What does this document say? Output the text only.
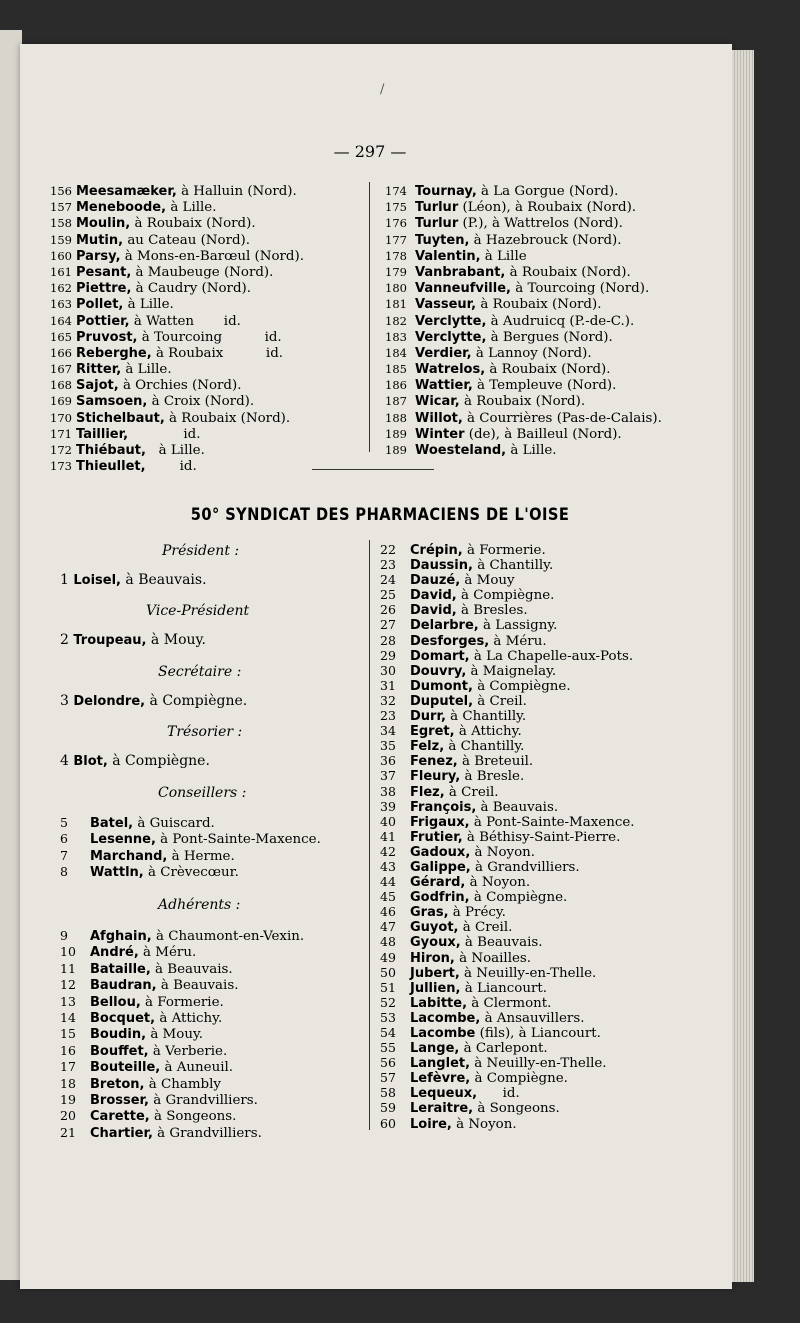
/
— 297 —
156 Meesamæker, à Halluin (Nord).
157 Meneboode, à Lille.
158 Moulin, à Roubaix (Nord).
159 Mutin, au Cateau (Nord).
160 Parsy, à Mons-en-Barœul (Nord).
161 Pesant, à Maubeuge (Nord).
162 Piettre, à Caudry (Nord).
163 Pollet, à Lille.
164 Pottier, à Watten       id.
165 Pruvost, à Tourcoing          id.
166 Reberghe, à Roubaix          id.
167 Ritter, à Lille.
168 Sajot, à Orchies (Nord).
169 Samsoen, à Croix (Nord).
170 Stichelbaut, à Roubaix (Nord).
171 Taillier,             id.
172 Thiébaut,   à Lille.
173 Thieullet,        id.
174 Tournay, à La Gorgue (Nord).
175 Turlur (Léon), à Roubaix (Nord).
176 Turlur (P.), à Wattrelos (Nord).
177 Tuyten, à Hazebrouck (Nord).
178 Valentin, à Lille
179 Vanbrabant, à Roubaix (Nord).
180 Vanneufville, à Tourcoing (Nord).
181 Vasseur, à Roubaix (Nord).
182 Verclytte, à Audruicq (P.-de-C.).
183 Verclytte, à Bergues (Nord).
184 Verdier, à Lannoy (Nord).
185 Watrelos, à Roubaix (Nord).
186 Wattier, à Templeuve (Nord).
187 Wicar, à Roubaix (Nord).
188 Willot, à Courrières (Pas-de-Calais).
189 Winter (de), à Bailleul (Nord).
189 Woesteland, à Lille.
50° SYNDICAT DES PHARMACIENS DE L'OISE
Président :
1 Loisel, à Beauvais.
Vice-Président
2 Troupeau, à Mouy.
Secrétaire :
3 Delondre, à Compiègne.
Trésorier :
4 Blot, à Compiègne.
Conseillers :
5 Batel, à Guiscard.
6 Lesenne, à Pont-Sainte-Maxence.
7 Marchand, à Herme.
8 Wattln, à Crèvecœur.
Adhérents :
9 Afghain, à Chaumont-en-Vexin.
10 André, à Méru.
11 Bataille, à Beauvais.
12 Baudran, à Beauvais.
13 Bellou, à Formerie.
14 Bocquet, à Attichy.
15 Boudin, à Mouy.
16 Bouffet, à Verberie.
17 Bouteille, à Auneuil.
18 Breton, à Chambly
19 Brosser, à Grandvilliers.
20 Carette, à Songeons.
21 Chartier, à Grandvilliers.
22 Crépin, à Formerie.
23 Daussin, à Chantilly.
24 Dauzé, à Mouy
25 David, à Compiègne.
26 David, à Bresles.
27 Delarbre, à Lassigny.
28 Desforges, à Méru.
29 Domart, à La Chapelle-aux-Pots.
30 Douvry, à Maignelay.
31 Dumont, à Compiègne.
32 Duputel, à Creil.
23 Durr, à Chantilly.
34 Egret, à Attichy.
35 Felz, à Chantilly.
36 Fenez, à Breteuil.
37 Fleury, à Bresle.
38 Flez, à Creil.
39 François, à Beauvais.
40 Frigaux, à Pont-Sainte-Maxence.
41 Frutier, à Béthisy-Saint-Pierre.
42 Gadoux, à Noyon.
43 Galippe, à Grandvilliers.
44 Gérard, à Noyon.
45 Godfrin, à Compiègne.
46 Gras, à Précy.
47 Guyot, à Creil.
48 Gyoux, à Beauvais.
49 Hiron, à Noailles.
50 Jubert, à Neuilly-en-Thelle.
51 Jullien, à Liancourt.
52 Labitte, à Clermont.
53 Lacombe, à Ansauvillers.
54 Lacombe (fils), à Liancourt.
55 Lange, à Carlepont.
56 Langlet, à Neuilly-en-Thelle.
57 Lefèvre, à Compiègne.
58 Lequeux,      id.
59 Leraitre, à Songeons.
60 Loire, à Noyon.
